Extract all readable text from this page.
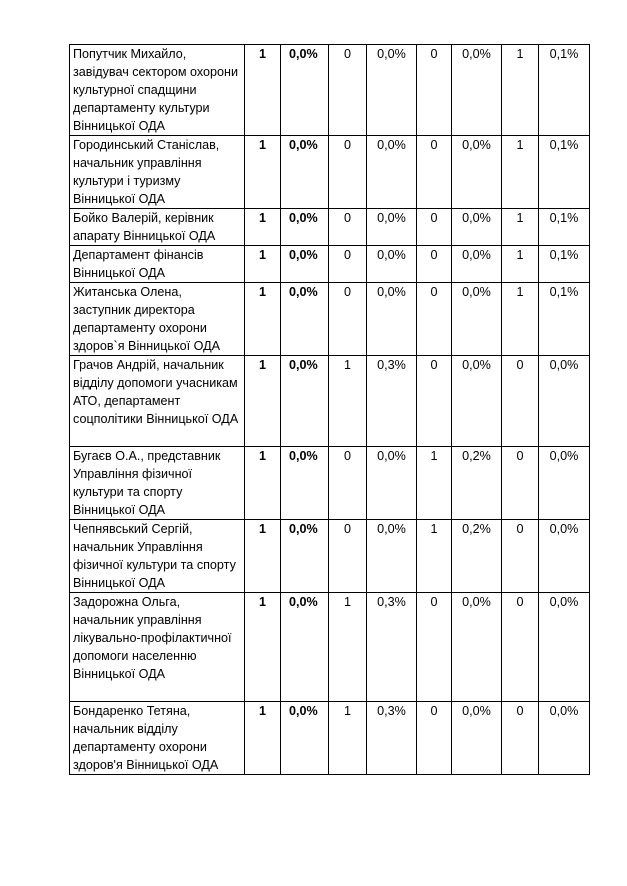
Попутчик Михайло, завідувач сектором охорони культурної спадщини департаменту культури Вінницької ОДА	1	0,0%	0	0,0%	0	0,0%	1	0,1%
Городинський Станіслав, начальник управління культури і туризму Вінницької ОДА	1	0,0%	0	0,0%	0	0,0%	1	0,1%
Бойко Валерій, керівник апарату Вінницької ОДА	1	0,0%	0	0,0%	0	0,0%	1	0,1%
Департамент фінансів Вінницької ОДА	1	0,0%	0	0,0%	0	0,0%	1	0,1%
Житанська Олена, заступник директора департаменту охорони здоров`я Вінницької ОДА	1	0,0%	0	0,0%	0	0,0%	1	0,1%
Грачов Андрій, начальник відділу допомоги учасникам АТО, департамент соцполітики Вінницької ОДА	1	0,0%	1	0,3%	0	0,0%	0	0,0%
Бугаєв О.А., представник Управління фізичної культури та спорту Вінницької ОДА	1	0,0%	0	0,0%	1	0,2%	0	0,0%
Чепнявський Сергій, начальник Управління фізичної культури та спорту Вінницької ОДА	1	0,0%	0	0,0%	1	0,2%	0	0,0%
Задорожна Ольга, начальник управління лікувально-профілактичної допомоги населенню Вінницької ОДА	1	0,0%	1	0,3%	0	0,0%	0	0,0%
Бондаренко Тетяна, начальник відділу департаменту охорони здоров'я Вінницької ОДА	1	0,0%	1	0,3%	0	0,0%	0	0,0%
